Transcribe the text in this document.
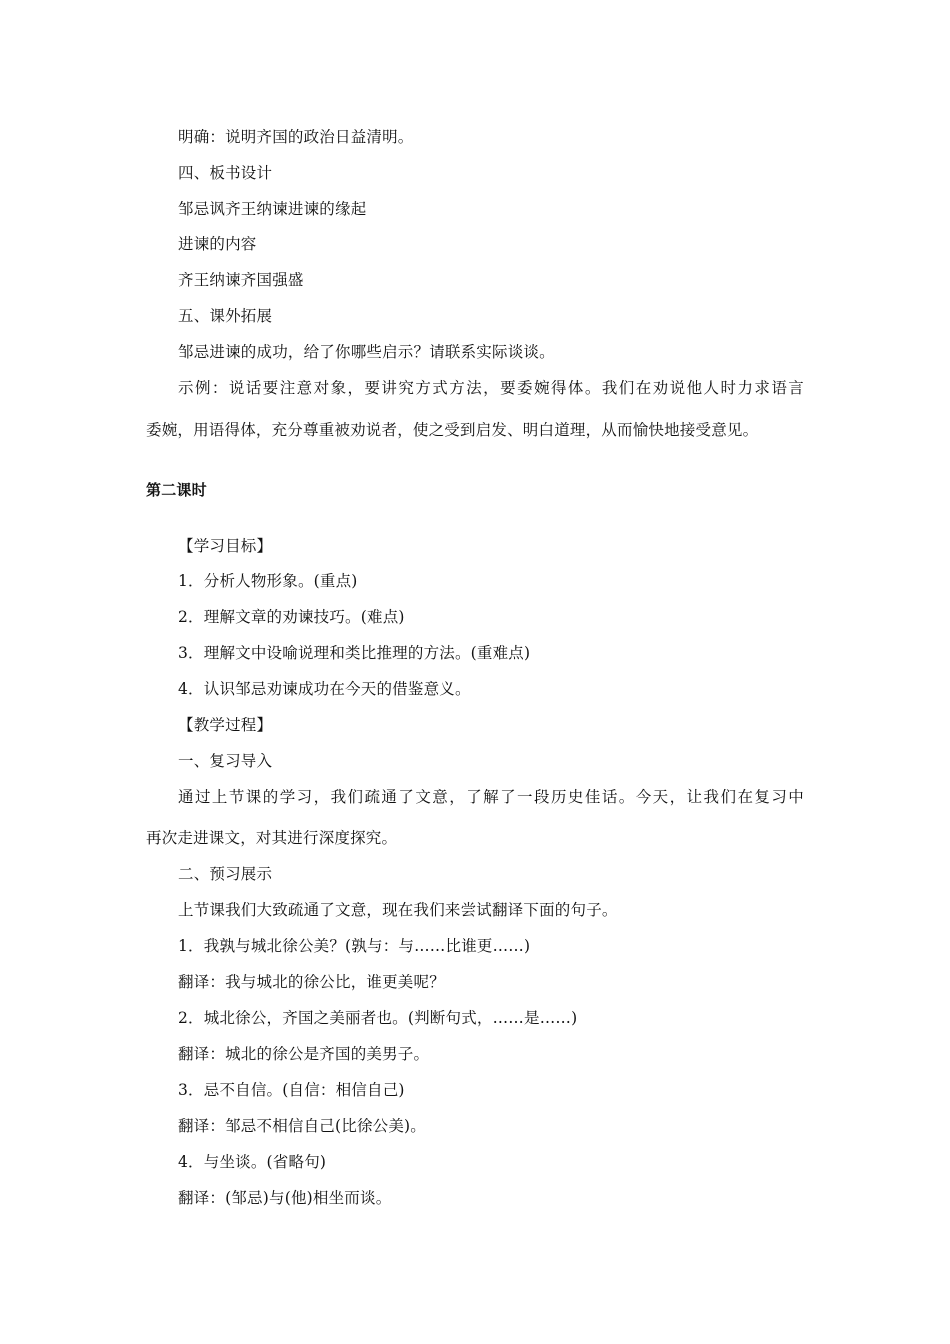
明确：说明齐国的政治日益清明。
四、板书设计
邹忌讽齐王纳谏进谏的缘起
进谏的内容
齐王纳谏齐国强盛
五、课外拓展
邹忌进谏的成功，给了你哪些启示？请联系实际谈谈。
示例：说话要注意对象，要讲究方式方法，要委婉得体。我们在劝说他人时力求语言
委婉，用语得体，充分尊重被劝说者，使之受到启发、明白道理，从而愉快地接受意见。
第二课时
【学习目标】
1．分析人物形象。(重点)
2．理解文章的劝谏技巧。(难点)
3．理解文中设喻说理和类比推理的方法。(重难点)
4．认识邹忌劝谏成功在今天的借鉴意义。
【教学过程】
一、复习导入
通过上节课的学习，我们疏通了文意，了解了一段历史佳话。今天，让我们在复习中
再次走进课文，对其进行深度探究。
二、预习展示
上节课我们大致疏通了文意，现在我们来尝试翻译下面的句子。
1．我孰与城北徐公美？(孰与：与……比谁更……)
翻译：我与城北的徐公比，谁更美呢？
2．城北徐公，齐国之美丽者也。(判断句式，……是……)
翻译：城北的徐公是齐国的美男子。
3．忌不自信。(自信：相信自己)
翻译：邹忌不相信自己(比徐公美)。
4．与坐谈。(省略句)
翻译：(邹忌)与(他)相坐而谈。
